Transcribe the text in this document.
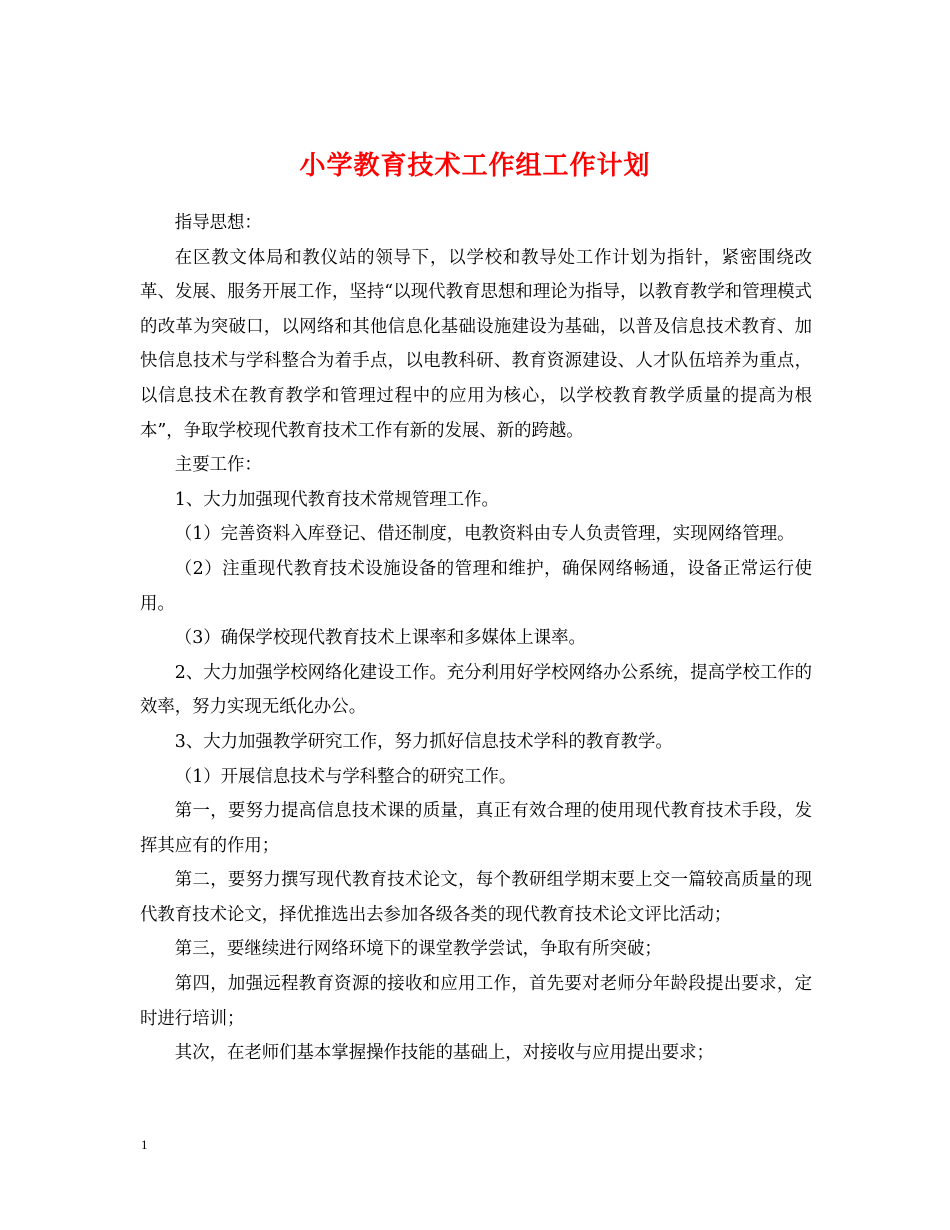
小学教育技术工作组工作计划

指导思想：

在区教文体局和教仪站的领导下，以学校和教导处工作计划为指针，紧密围绕改革、发展、服务开展工作，坚持“以现代教育思想和理论为指导，以教育教学和管理模式的改革为突破口，以网络和其他信息化基础设施建设为基础，以普及信息技术教育、加快信息技术与学科整合为着手点，以电教科研、教育资源建设、人才队伍培养为重点，以信息技术在教育教学和管理过程中的应用为核心，以学校教育教学质量的提高为根本”，争取学校现代教育技术工作有新的发展、新的跨越。

主要工作：

1、大力加强现代教育技术常规管理工作。

（1）完善资料入库登记、借还制度，电教资料由专人负责管理，实现网络管理。

（2）注重现代教育技术设施设备的管理和维护，确保网络畅通，设备正常运行使用。

（3）确保学校现代教育技术上课率和多媒体上课率。

2、大力加强学校网络化建设工作。充分利用好学校网络办公系统，提高学校工作的效率，努力实现无纸化办公。

3、大力加强教学研究工作，努力抓好信息技术学科的教育教学。

（1）开展信息技术与学科整合的研究工作。

第一，要努力提高信息技术课的质量，真正有效合理的使用现代教育技术手段，发挥其应有的作用；

第二，要努力撰写现代教育技术论文，每个教研组学期末要上交一篇较高质量的现代教育技术论文，择优推选出去参加各级各类的现代教育技术论文评比活动；

第三，要继续进行网络环境下的课堂教学尝试，争取有所突破；

第四，加强远程教育资源的接收和应用工作，首先要对老师分年龄段提出要求，定时进行培训；

其次，在老师们基本掌握操作技能的基础上，对接收与应用提出要求；

1
